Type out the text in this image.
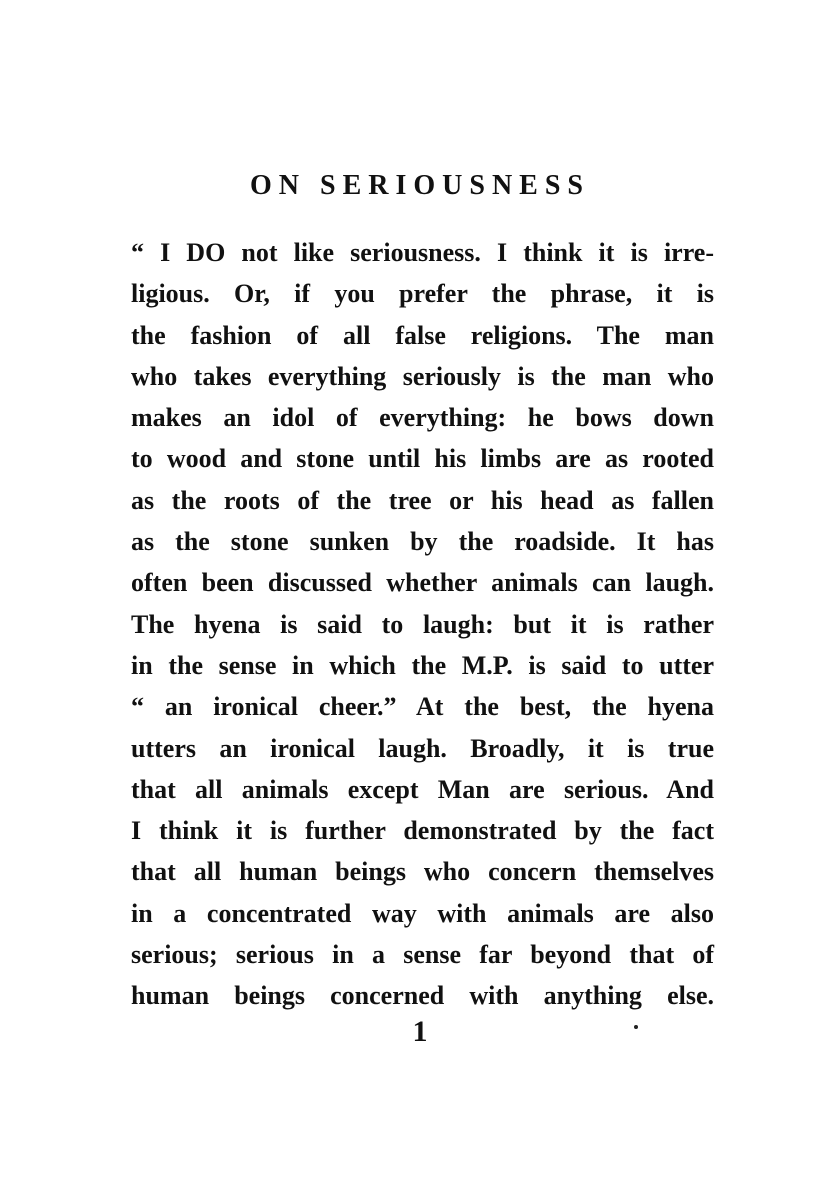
ON SERIOUSNESS
“ I DO not like seriousness. I think it is irre-
ligious. Or, if you prefer the phrase, it is
the fashion of all false religions. The man
who takes everything seriously is the man who
makes an idol of everything: he bows down
to wood and stone until his limbs are as rooted
as the roots of the tree or his head as fallen
as the stone sunken by the roadside. It has
often been discussed whether animals can laugh.
The hyena is said to laugh: but it is rather
in the sense in which the M.P. is said to utter
“ an ironical cheer.” At the best, the hyena
utters an ironical laugh. Broadly, it is true
that all animals except Man are serious. And
I think it is further demonstrated by the fact
that all human beings who concern themselves
in a concentrated way with animals are also
serious; serious in a sense far beyond that of
human beings concerned with anything else.
1
